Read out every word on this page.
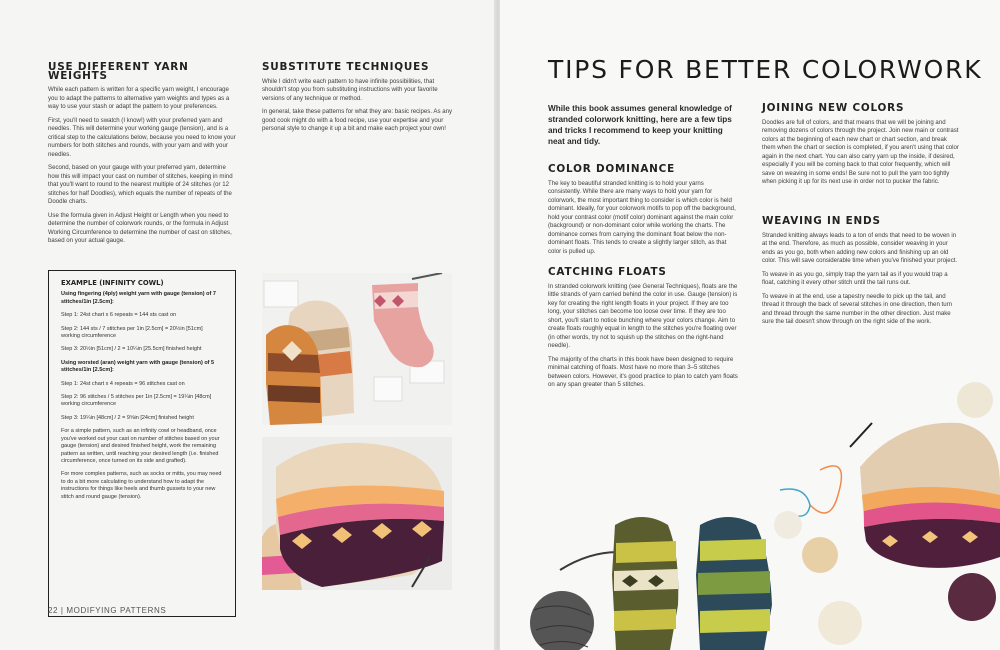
USE DIFFERENT YARN WEIGHTS

While each pattern is written for a specific yarn weight, I encourage you to adapt the patterns to alternative yarn weights and types as a way to use your stash or adapt the pattern to your preferences.

First, you'll need to swatch (I know!) with your preferred yarn and needles. This will determine your working gauge (tension), and is a critical step to the calculations below, because you need to know your numbers for both stitches and rounds, with your yarn and with your needles.

Second, based on your gauge with your preferred yarn, determine how this will impact your cast on number of stitches, keeping in mind that you'll want to round to the nearest multiple of 24 stitches (or 12 stitches for half Doodles), which equals the number of repeats of the Doodle charts.

Use the formula given in Adjust Height or Length when you need to determine the number of colorwork rounds, or the formula in Adjust Working Circumference to determine the number of cast on stitches, based on your actual gauge.

SUBSTITUTE TECHNIQUES

While I didn't write each pattern to have infinite possibilities, that shouldn't stop you from substituting instructions with your favorite versions of any technique or method.

In general, take these patterns for what they are: basic recipes. As any good cook might do with a food recipe, use your expertise and your personal style to change it up a bit and make each project your own!

EXAMPLE (INFINITY COWL)
Using fingering (4ply) weight yarn with gauge (tension) of 7 stitches/1in [2.5cm]:
Step 1: 24st chart x 6 repeats = 144 sts cast on
Step 2: 144 sts / 7 stitches per 1in [2.5cm] = 20½in [51cm] working circumference
Step 3: 20½in [51cm] / 2 = 10¼in [25.5cm] finished height
Using worsted (aran) weight yarn with gauge (tension) of 5 stitches/1in [2.5cm]:
Step 1: 24st chart x 4 repeats = 96 stitches cast on
Step 2: 96 stitches / 5 stitches per 1in [2.5cm] = 19¼in [48cm] working circumference
Step 3: 19¼in [48cm] / 2 = 9⅝in [24cm] finished height
For a simple pattern, such as an infinity cowl or headband, once you've worked out your cast on number of stitches based on your gauge (tension) and desired finished height, work the remaining pattern as written, until reaching your desired length (i.e. finished circumference, once turned on its side and grafted).
For more complex patterns, such as socks or mitts, you may need to do a bit more calculating to understand how to adapt the instructions for things like heels and thumb gussets to your new stitch and round gauge (tension).
22 | MODIFYING PATTERNS
TIPS FOR BETTER COLORWORK
While this book assumes general knowledge of stranded colorwork knitting, here are a few tips and tricks I recommend to keep your knitting neat and tidy.
COLOR DOMINANCE

The key to beautiful stranded knitting is to hold your yarns consistently. While there are many ways to hold your yarn for colorwork, the most important thing to consider is which color is held dominant. Ideally, for your colorwork motifs to pop off the background, hold your contrast color (motif color) dominant against the main color (background) or non-dominant color while working the charts. The dominance comes from carrying the dominant float below the non-dominant floats. This tends to create a slightly larger stitch, as that color is pulled up.

CATCHING FLOATS

In stranded colorwork knitting (see General Techniques), floats are the little strands of yarn carried behind the color in use. Gauge (tension) is key for creating the right length floats in your project. If they are too long, your stitches can become too loose over time. If they are too short, you'll start to notice bunching where your colors change. Aim to create floats roughly equal in length to the stitches you're floating over (in other words, try not to squish up the stitches on the right-hand needle).

The majority of the charts in this book have been designed to require minimal catching of floats. Most have no more than 3–5 stitches between colors. However, it's good practice to plan to catch yarn floats on any span greater than 5 stitches.

JOINING NEW COLORS

Doodles are full of colors, and that means that we will be joining and removing dozens of colors through the project. Join new main or contrast colors at the beginning of each new chart or chart section, and break them when the chart or section is completed, if you aren't using that color again in the next chart. You can also carry yarn up the inside, if desired, especially if you will be coming back to that color frequently, which will save on weaving in some ends! Be sure not to pull the yarn too tightly when picking it up for its next use in order not to pucker the fabric.

WEAVING IN ENDS

Stranded knitting always leads to a ton of ends that need to be woven in at the end. Therefore, as much as possible, consider weaving in your ends as you go, both when adding new colors and finishing up an old color. This will save considerable time when you've finished your project.

To weave in as you go, simply trap the yarn tail as if you would trap a float, catching it every other stitch until the tail runs out.

To weave in at the end, use a tapestry needle to pick up the tail, and thread it through the back of several stitches in one direction, then turn and thread through the same number in the other direction. Just make sure the tail doesn't show through on the right side of the work.
